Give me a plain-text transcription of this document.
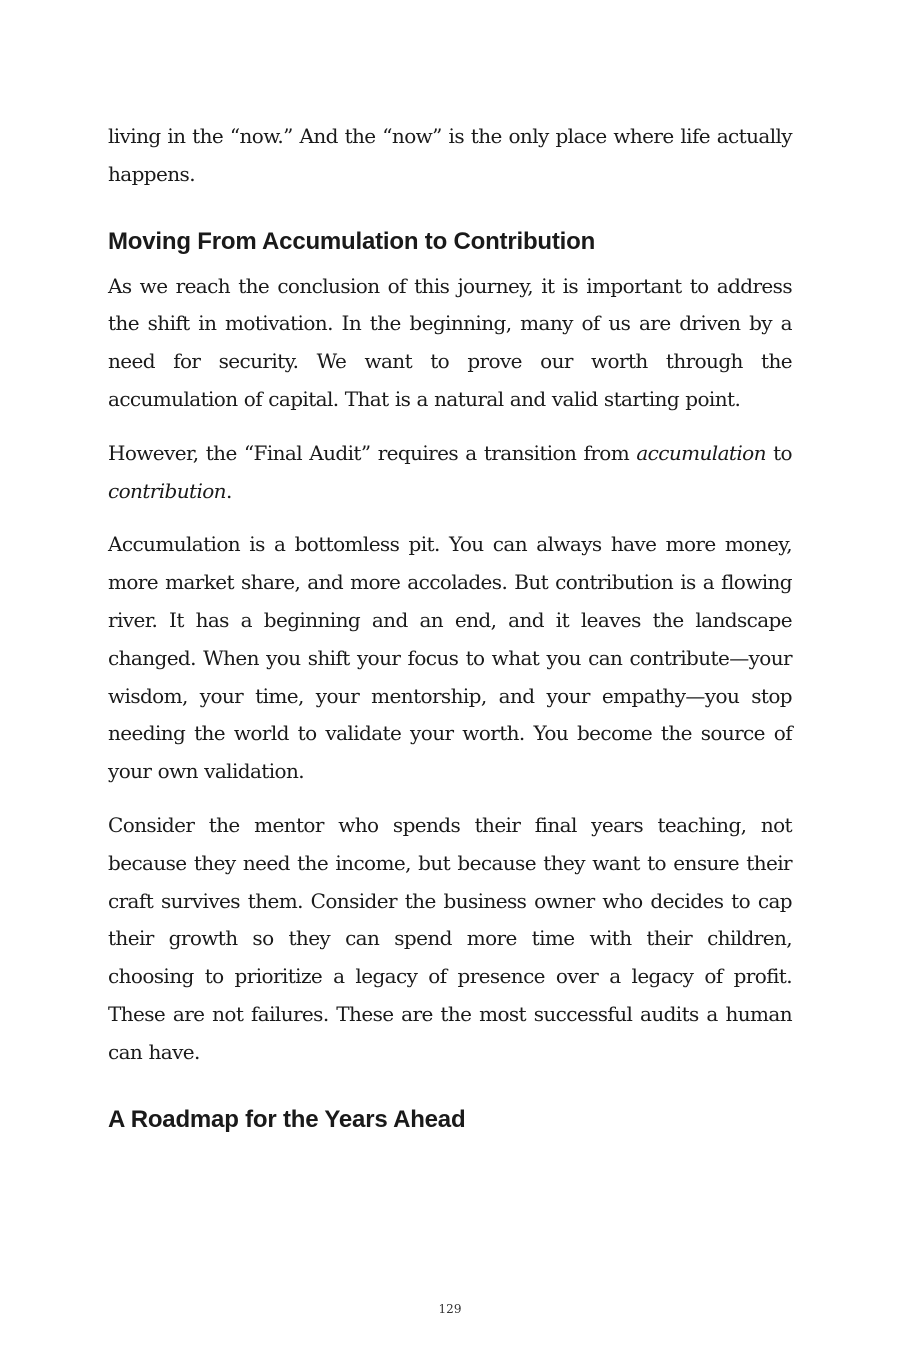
living in the “now.” And the “now” is the only place where life actually happens.

Moving From Accumulation to Contribution

As we reach the conclusion of this journey, it is important to address the shift in motivation. In the beginning, many of us are driven by a need for security. We want to prove our worth through the accumulation of capital. That is a natural and valid starting point.

However, the “Final Audit” requires a transition from accumulation to contribution.

Accumulation is a bottomless pit. You can always have more money, more market share, and more accolades. But contribution is a flowing river. It has a beginning and an end, and it leaves the landscape changed. When you shift your focus to what you can contribute—your wisdom, your time, your mentorship, and your empathy—you stop needing the world to validate your worth. You become the source of your own validation.

Consider the mentor who spends their final years teaching, not because they need the income, but because they want to ensure their craft survives them. Consider the business owner who decides to cap their growth so they can spend more time with their children, choosing to prioritize a legacy of presence over a legacy of profit. These are not failures. These are the most successful audits a human can have.

A Roadmap for the Years Ahead
129
